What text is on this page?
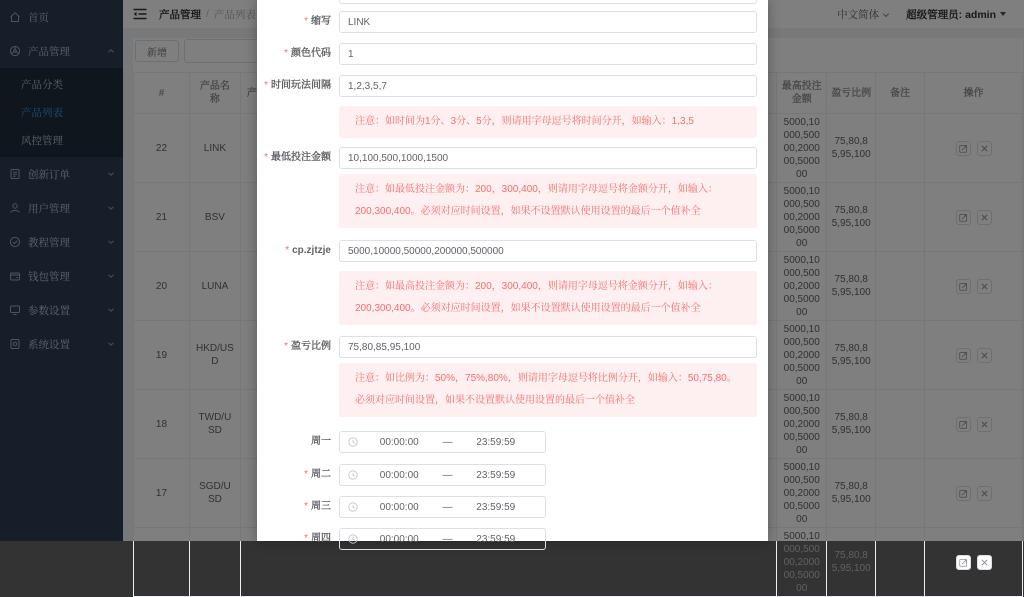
000,50000,200000,500000
75,80,85,95,100
* 缩写	LINK
* 颜色代码	1
* 时间玩法间隔	1,2,3,5,7
注意：如时间为1分、3分、5分，则请用字母逗号将时间分开，如输入：1,3,5
* 最低投注金额	10,100,500,1000,1500
注意：如最低投注金额为：200，300,400，则请用字母逗号将金额分开，如输入：200,300,400。必须对应时间设置，如果不设置默认使用设置的最后一个值补全
* cp.zjtzje	5000,10000,50000,200000,500000
注意：如最高投注金额为：200，300,400，则请用字母逗号将金额分开，如输入：200,300,400。必须对应时间设置，如果不设置默认使用设置的最后一个值补全
* 盈亏比例	75,80,85,95,100
注意：如比例为：50%，75%,80%，则请用字母逗号将比例分开，如输入：50,75,80。必须对应时间设置，如果不设置默认使用设置的最后一个值补全
周一	00:00:00	—	23:59:59
* 周二	00:00:00	—	23:59:59
* 周三	00:00:00	—	23:59:59
* 周四	00:00:00	—	23:59:59
